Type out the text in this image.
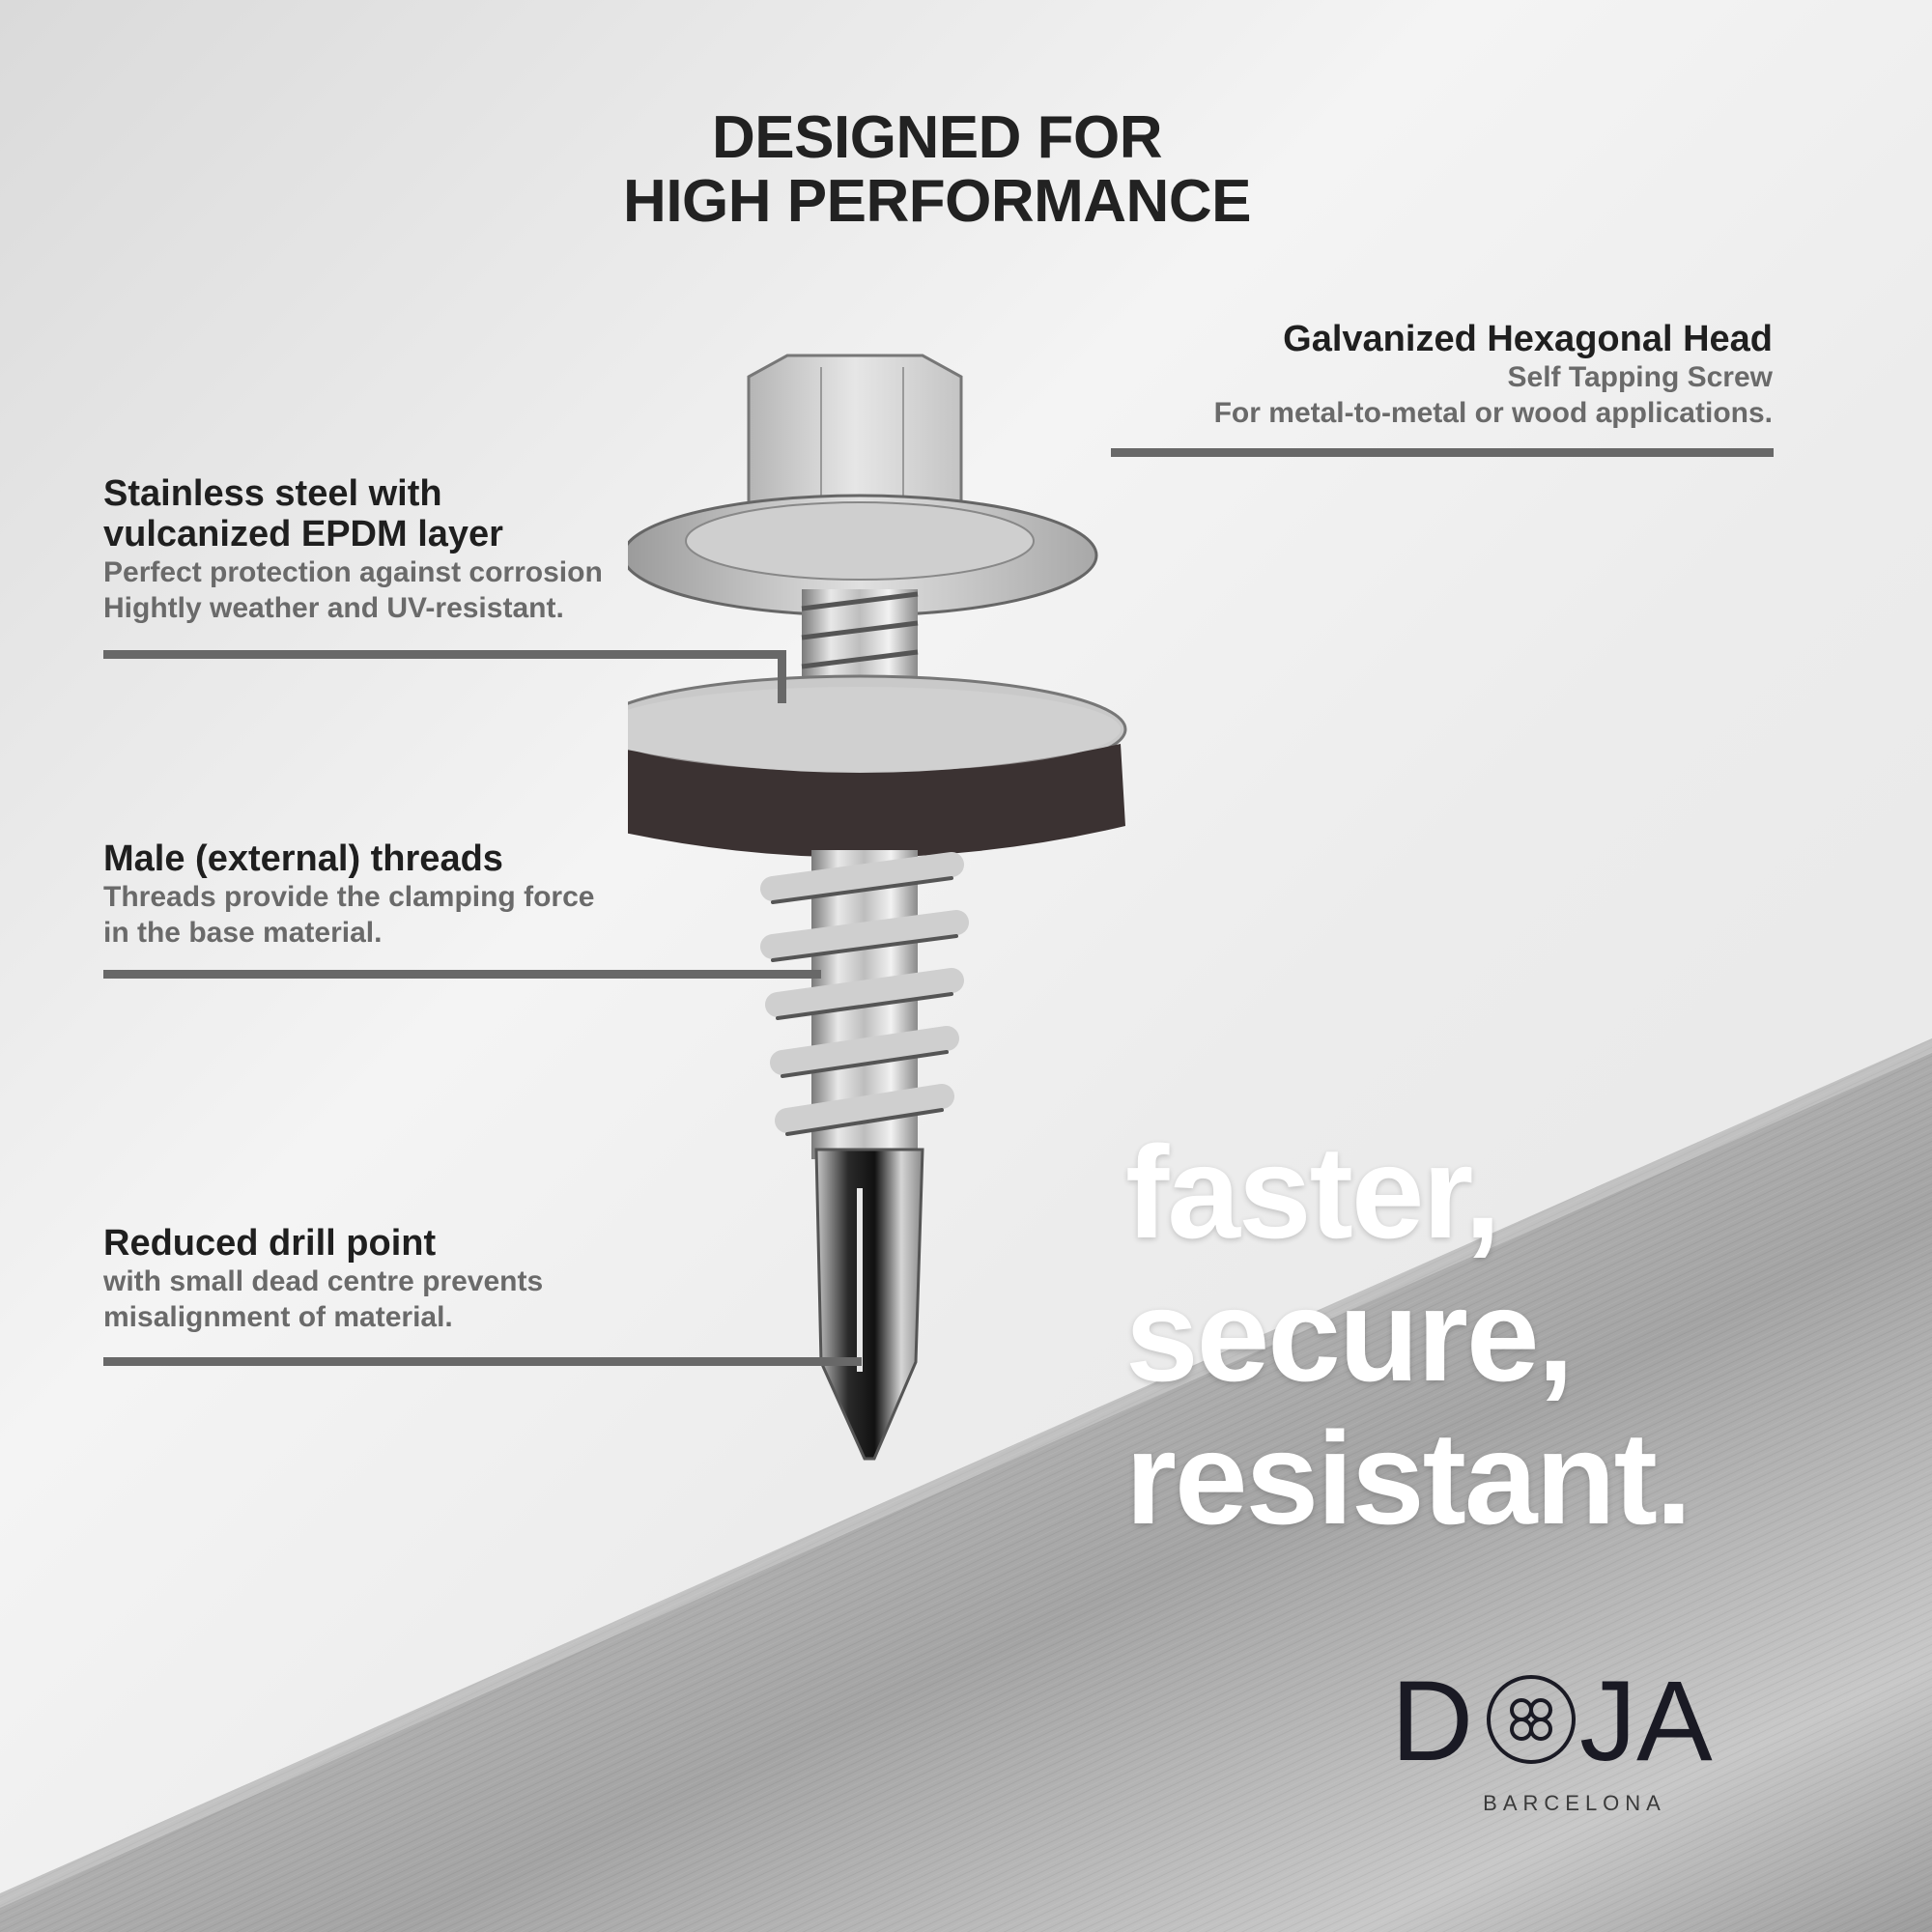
DESIGNED FOR
HIGH PERFORMANCE
Galvanized Hexagonal Head
Self Tapping Screw
For metal-to-metal or wood applications.
Stainless steel with
vulcanized EPDM layer
Perfect protection against corrosion
Hightly weather and UV-resistant.
Male (external) threads
Threads provide the clamping force
in the base material.
Reduced drill point
with small dead centre prevents
misalignment of material.
faster,
secure,
resistant.
D JA
BARCELONA
